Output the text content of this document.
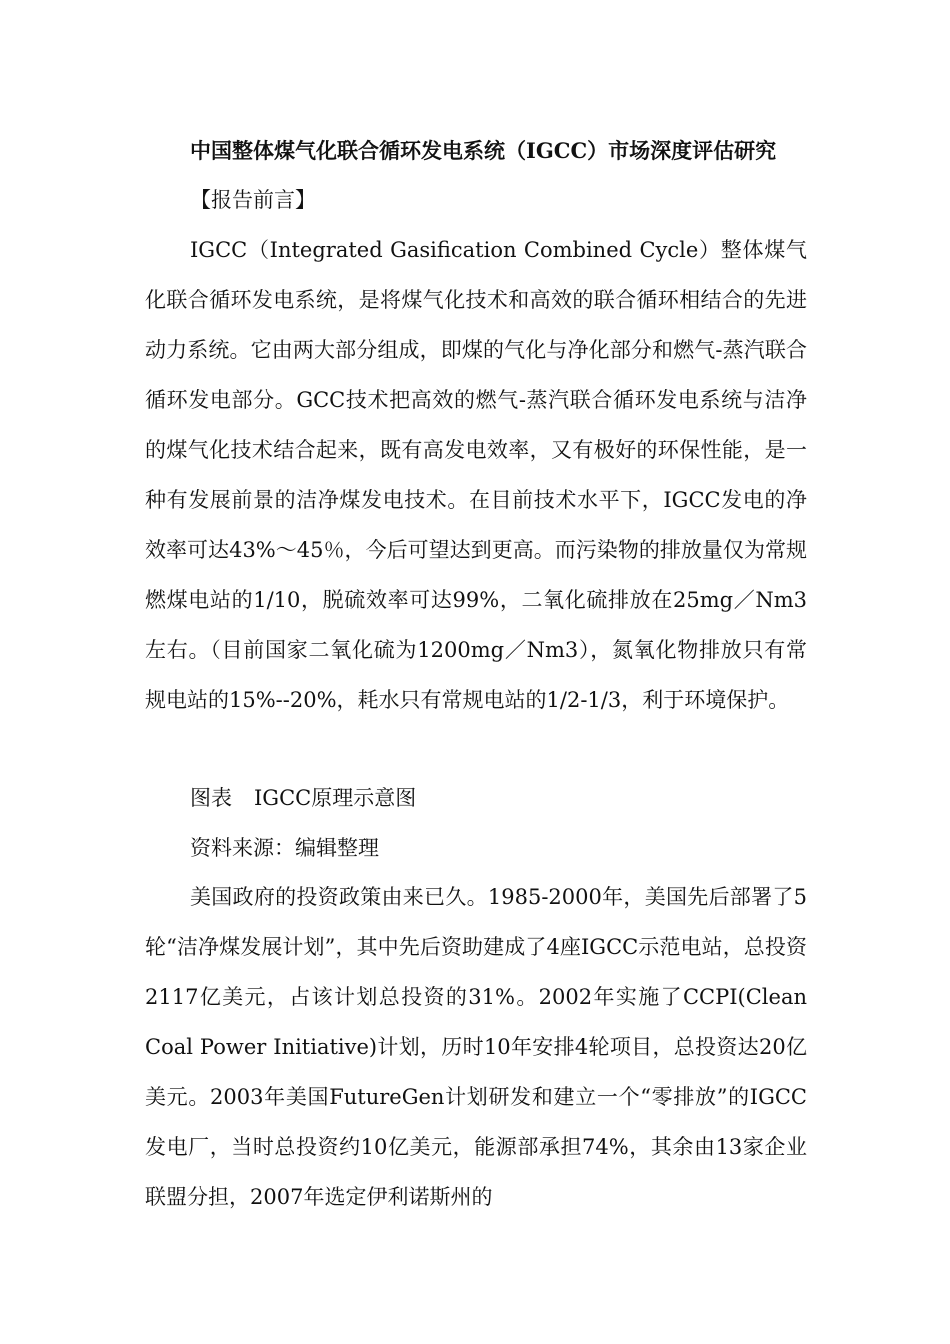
中国整体煤气化联合循环发电系统（IGCC）市场深度评估研究
【报告前言】

IGCC（Integrated Gasification Combined Cycle）整体煤气化联合循环发电系统，是将煤气化技术和高效的联合循环相结合的先进动力系统。它由两大部分组成，即煤的气化与净化部分和燃气-蒸汽联合循环发电部分。GCC技术把高效的燃气-蒸汽联合循环发电系统与洁净的煤气化技术结合起来，既有高发电效率，又有极好的环保性能，是一种有发展前景的洁净煤发电技术。在目前技术水平下，IGCC发电的净效率可达43%～45％，今后可望达到更高。而污染物的排放量仅为常规燃煤电站的1/10，脱硫效率可达99%，二氧化硫排放在25mg／Nm3左右。（目前国家二氧化硫为1200mg／Nm3），氮氧化物排放只有常规电站的15%--20%，耗水只有常规电站的1/2-1/3，利于环境保护。

图表 IGCC原理示意图
资料来源：编辑整理

美国政府的投资政策由来已久。1985-2000年，美国先后部署了5轮“洁净煤发展计划”，其中先后资助建成了4座IGCC示范电站，总投资 2117亿美元，占该计划总投资的31%。2002年实施了CCPI(Clean Coal Power Initiative)计划，历时10年安排4轮项目，总投资达20亿美元。2003年美国FutureGen计划研发和建立一个“零排放”的IGCC发电厂，当时总投资约10亿美元，能源部承担74%，其余由13家企业联盟分担，2007年选定伊利诺斯州的
